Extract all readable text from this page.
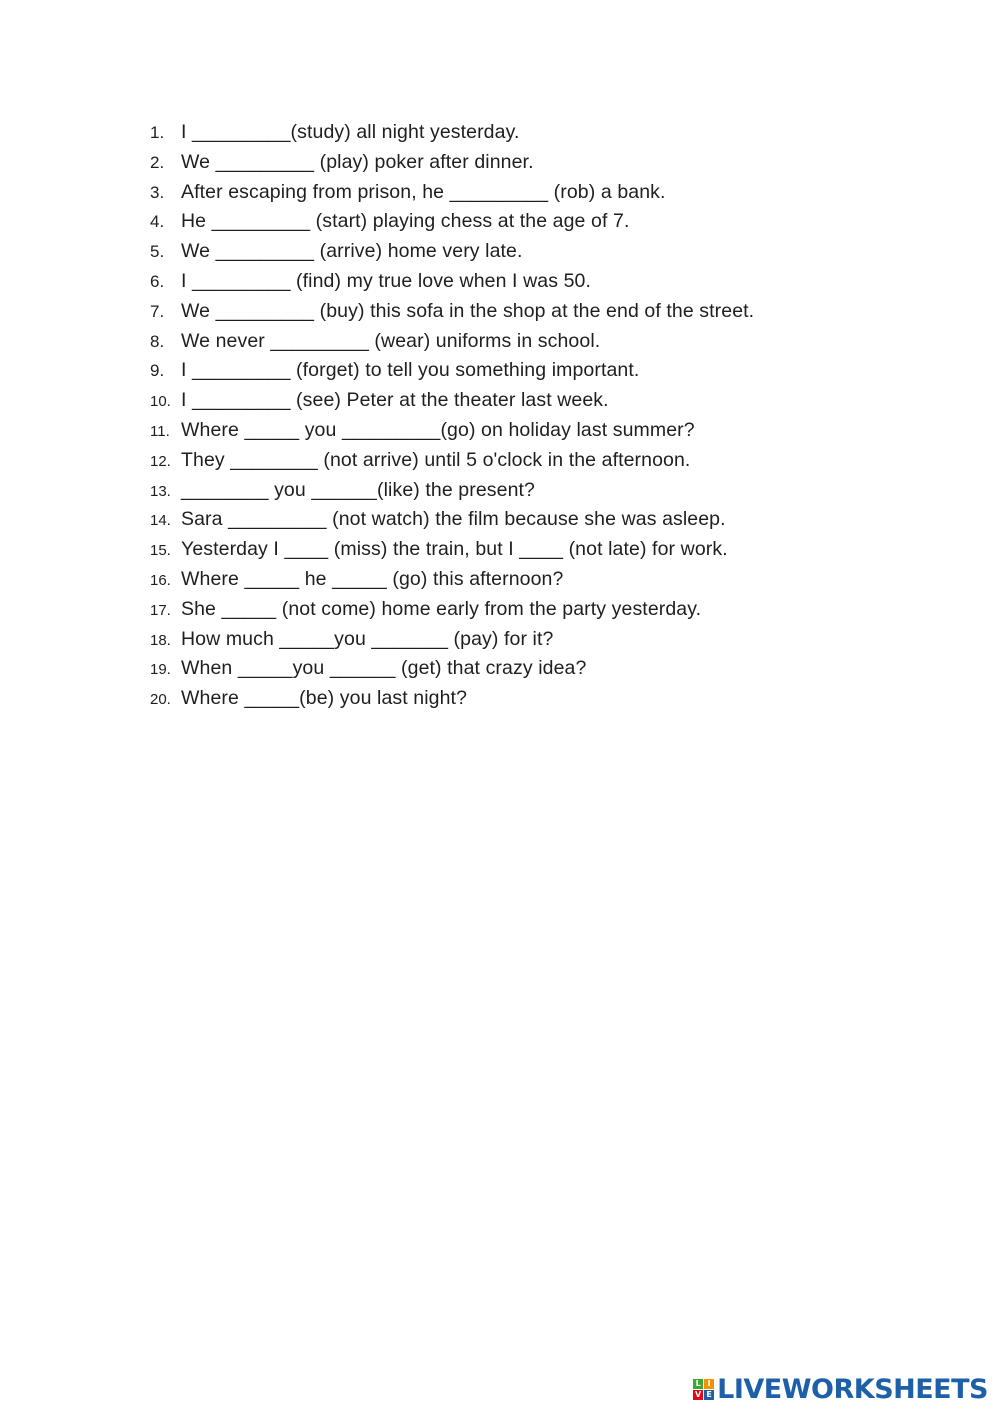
1. I _________(study) all night yesterday.
2. We _________ (play) poker after dinner.
3. After escaping from prison, he _________ (rob) a bank.
4. He _________ (start) playing chess at the age of 7.
5. We _________ (arrive) home very late.
6. I _________ (find) my true love when I was 50.
7. We _________ (buy) this sofa in the shop at the end of the street.
8. We never _________ (wear) uniforms in school.
9. I _________ (forget) to tell you something important.
10. I _________ (see) Peter at the theater last week.
11. Where _____ you _________(go) on holiday last summer?
12. They ________ (not arrive) until 5 o'clock in the afternoon.
13. ________ you ______(like) the present?
14. Sara _________ (not watch) the film because she was asleep.
15. Yesterday I ____ (miss) the train, but I ____ (not late) for work.
16. Where _____ he _____ (go) this afternoon?
17. She _____ (not come) home early from the party yesterday.
18. How much _____you _______ (pay) for it?
19. When _____you ______ (get) that crazy idea?
20. Where _____(be) you last night?
L I
V E LIVEWORKSHEETS
